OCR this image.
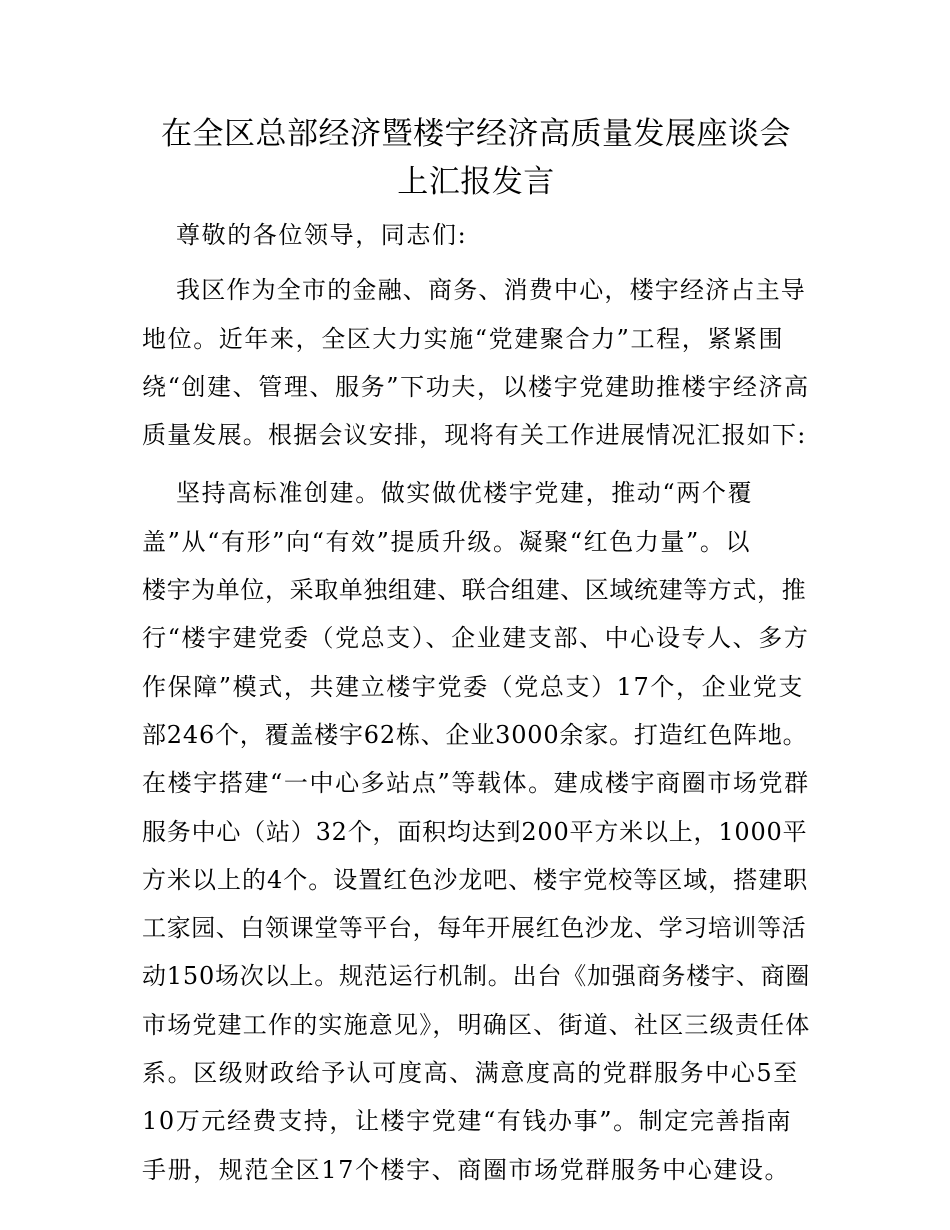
在全区总部经济暨楼宇经济高质量发展座谈会
上汇报发言

尊敬的各位领导，同志们:

我区作为全市的金融、商务、消费中心，楼宇经济占主导
地位。近年来，全区大力实施“党建聚合力”工程，紧紧围
绕“创建、管理、服务”下功夫，以楼宇党建助推楼宇经济高
质量发展。根据会议安排，现将有关工作进展情况汇报如下:

坚持高标准创建。做实做优楼宇党建，推动“两个覆
盖”从“有形”向“有效”提质升级。凝聚“红色力量”。以
楼宇为单位，采取单独组建、联合组建、区域统建等方式，推
行“楼宇建党委（党总支）、企业建支部、中心设专人、多方
作保障”模式，共建立楼宇党委（党总支）17个，企业党支
部246个，覆盖楼宇62栋、企业3000余家。打造红色阵地。
在楼宇搭建“一中心多站点”等载体。建成楼宇商圈市场党群
服务中心（站）32个，面积均达到200平方米以上，1000平
方米以上的4个。设置红色沙龙吧、楼宇党校等区域，搭建职
工家园、白领课堂等平台，每年开展红色沙龙、学习培训等活
动150场次以上。规范运行机制。出台《加强商务楼宇、商圈
市场党建工作的实施意见》，明确区、街道、社区三级责任体
系。区级财政给予认可度高、满意度高的党群服务中心5至
10万元经费支持，让楼宇党建“有钱办事”。制定完善指南
手册，规范全区17个楼宇、商圈市场党群服务中心建设。
